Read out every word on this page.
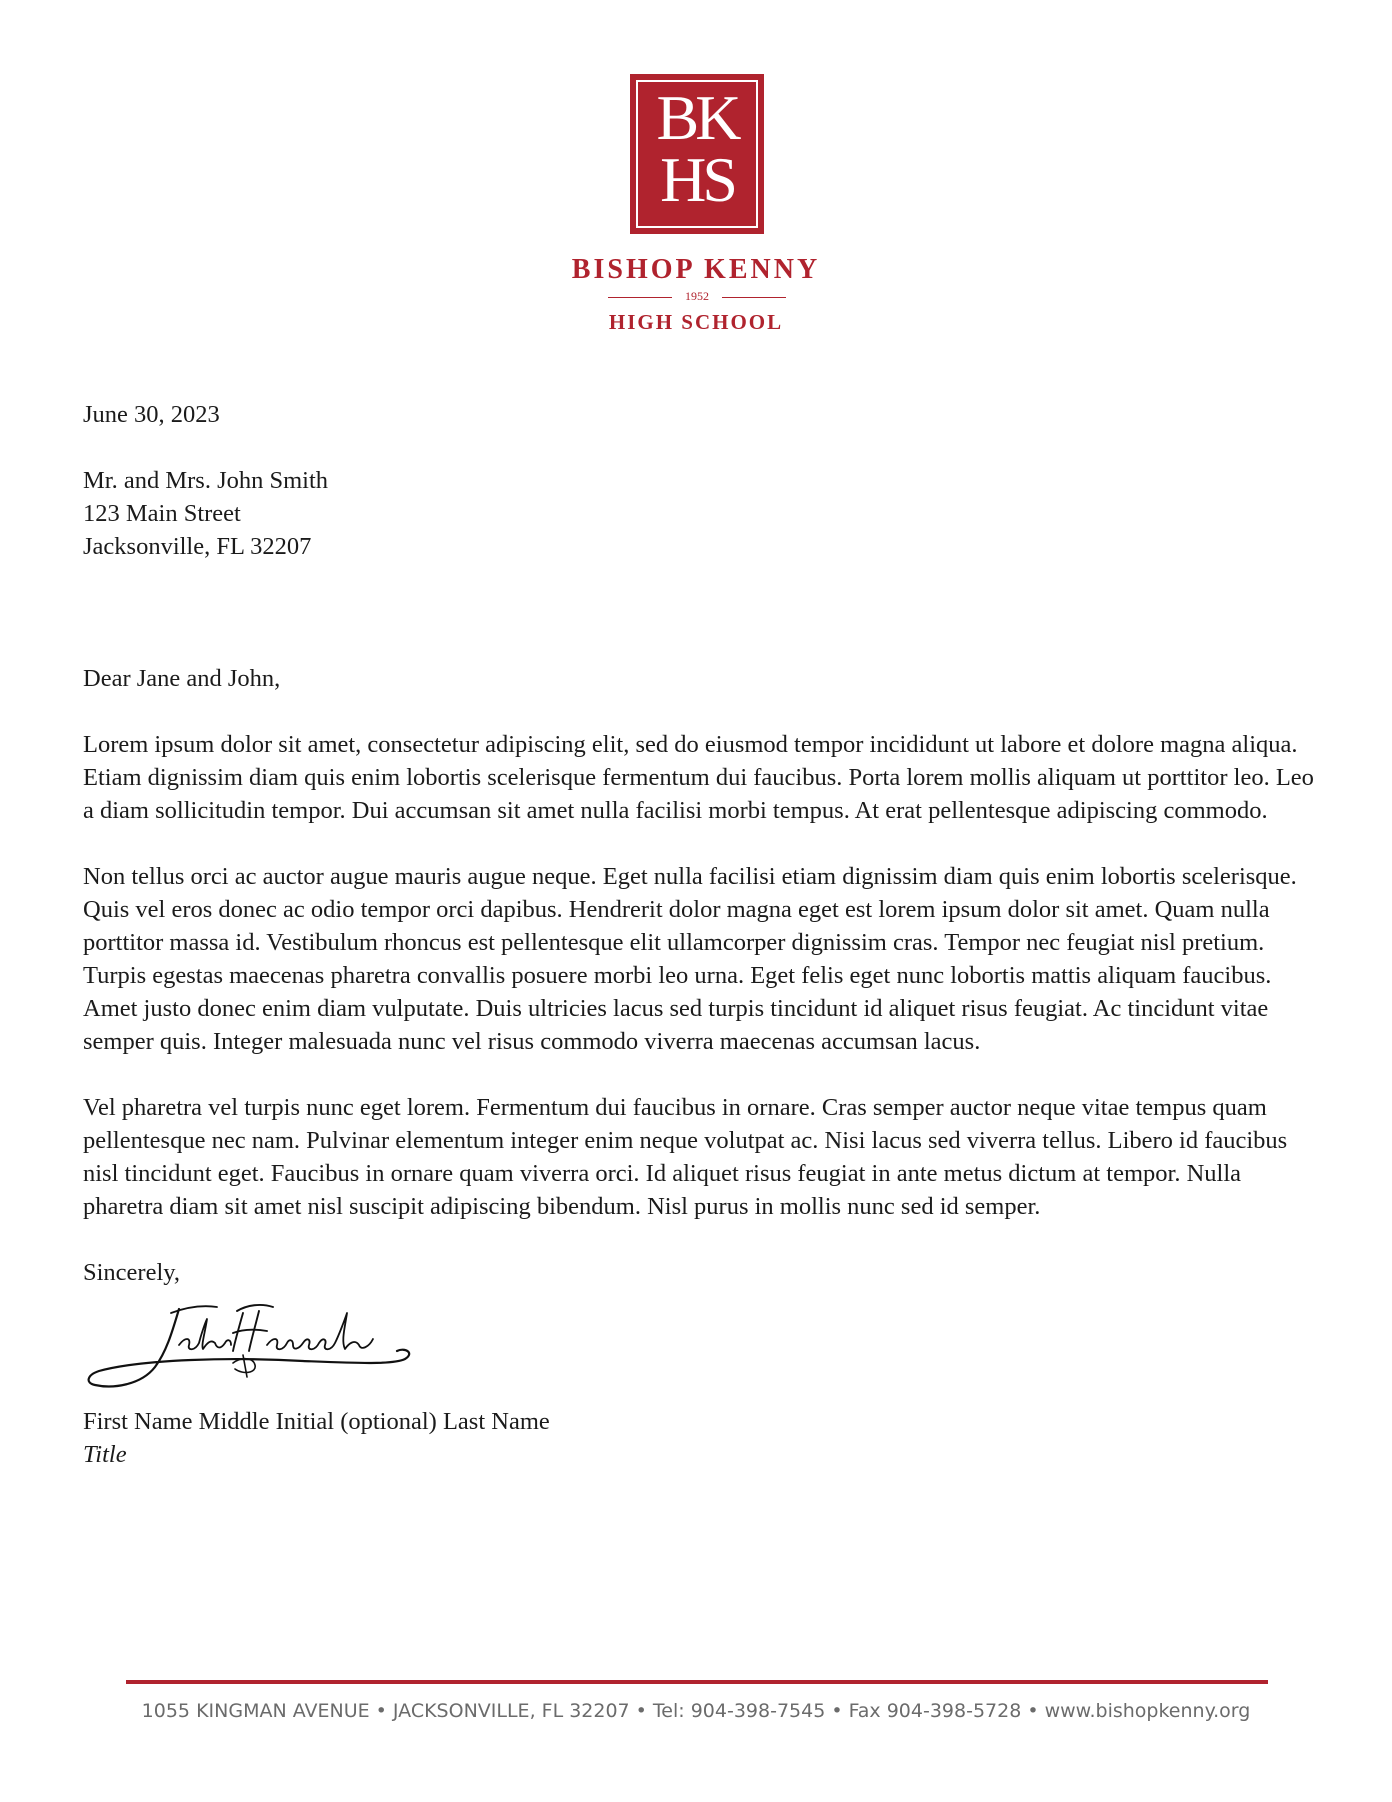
BK
HS
BISHOP KENNY
1952
HIGH SCHOOL

June 30, 2023

Mr. and Mrs. John Smith
123 Main Street
Jacksonville, FL 32207

Dear Jane and John,

Lorem ipsum dolor sit amet, consectetur adipiscing elit, sed do eiusmod tempor incididunt ut labore et dolore magna aliqua. Etiam dignissim diam quis enim lobortis scelerisque fermentum dui faucibus. Porta lorem mollis aliquam ut porttitor leo. Leo a diam sollicitudin tempor. Dui accumsan sit amet nulla facilisi morbi tempus. At erat pellentesque adipiscing commodo.

Non tellus orci ac auctor augue mauris augue neque. Eget nulla facilisi etiam dignissim diam quis enim lobortis scelerisque. Quis vel eros donec ac odio tempor orci dapibus. Hendrerit dolor magna eget est lorem ipsum dolor sit amet. Quam nulla porttitor massa id. Vestibulum rhoncus est pellentesque elit ullamcorper dignissim cras. Tempor nec feugiat nisl pretium. Turpis egestas maecenas pharetra convallis posuere morbi leo urna. Eget felis eget nunc lobortis mattis aliquam faucibus. Amet justo donec enim diam vulputate. Duis ultricies lacus sed turpis tincidunt id aliquet risus feugiat. Ac tincidunt vitae semper quis. Integer malesuada nunc vel risus commodo viverra maecenas accumsan lacus.

Vel pharetra vel turpis nunc eget lorem. Fermentum dui faucibus in ornare. Cras semper auctor neque vitae tempus quam pellentesque nec nam. Pulvinar elementum integer enim neque volutpat ac. Nisi lacus sed viverra tellus. Libero id faucibus nisl tincidunt eget. Faucibus in ornare quam viverra orci. Id aliquet risus feugiat in ante metus dictum at tempor. Nulla pharetra diam sit amet nisl suscipit adipiscing bibendum. Nisl purus in mollis nunc sed id semper.

Sincerely,

First Name Middle Initial (optional) Last Name

Title

1055 KINGMAN AVENUE • JACKSONVILLE, FL 32207 • Tel: 904-398-7545 • Fax 904-398-5728 • www.bishopkenny.org
